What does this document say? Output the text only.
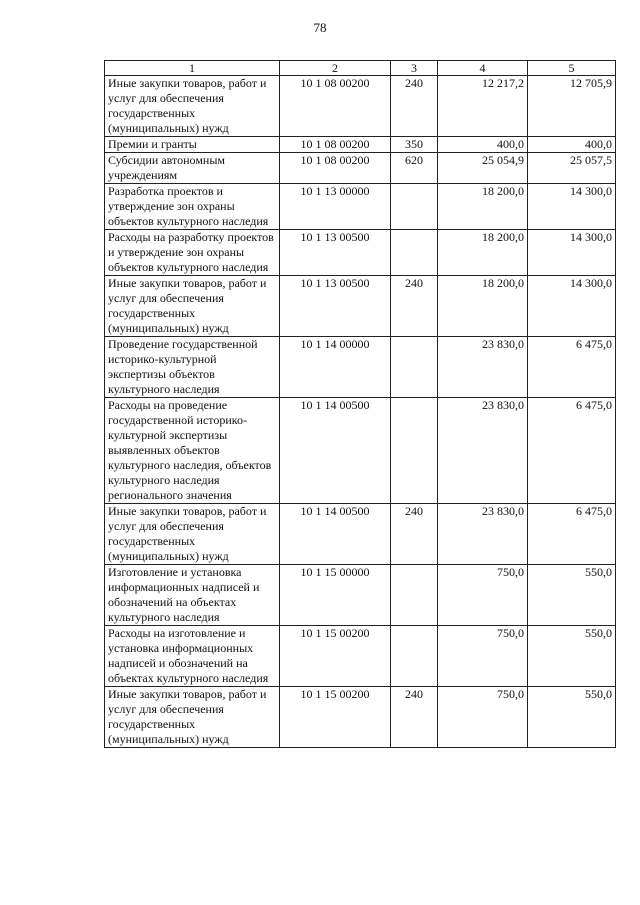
78
1	2	3	4	5
Иные закупки товаров, работ и услуг для обеспечения государственных (муниципальных) нужд	10 1 08 00200	240	12 217,2	12 705,9
Премии и гранты	10 1 08 00200	350	400,0	400,0
Субсидии автономным учреждениям	10 1 08 00200	620	25 054,9	25 057,5
Разработка проектов и утверждение зон охраны объектов культурного наследия	10 1 13 00000		18 200,0	14 300,0
Расходы на разработку проектов и утверждение зон охраны объектов культурного наследия	10 1 13 00500		18 200,0	14 300,0
Иные закупки товаров, работ и услуг для обеспечения государственных (муниципальных) нужд	10 1 13 00500	240	18 200,0	14 300,0
Проведение государственной историко-культурной экспертизы объектов культурного наследия	10 1 14 00000		23 830,0	6 475,0
Расходы на проведение государственной историко-культурной экспертизы выявленных объектов культурного наследия, объектов культурного наследия регионального значения	10 1 14 00500		23 830,0	6 475,0
Иные закупки товаров, работ и услуг для обеспечения государственных (муниципальных) нужд	10 1 14 00500	240	23 830,0	6 475,0
Изготовление и установка информационных надписей и обозначений на объектах культурного наследия	10 1 15 00000		750,0	550,0
Расходы на изготовление и установка информационных надписей и обозначений на объектах культурного наследия	10 1 15 00200		750,0	550,0
Иные закупки товаров, работ и услуг для обеспечения государственных (муниципальных) нужд	10 1 15 00200	240	750,0	550,0
